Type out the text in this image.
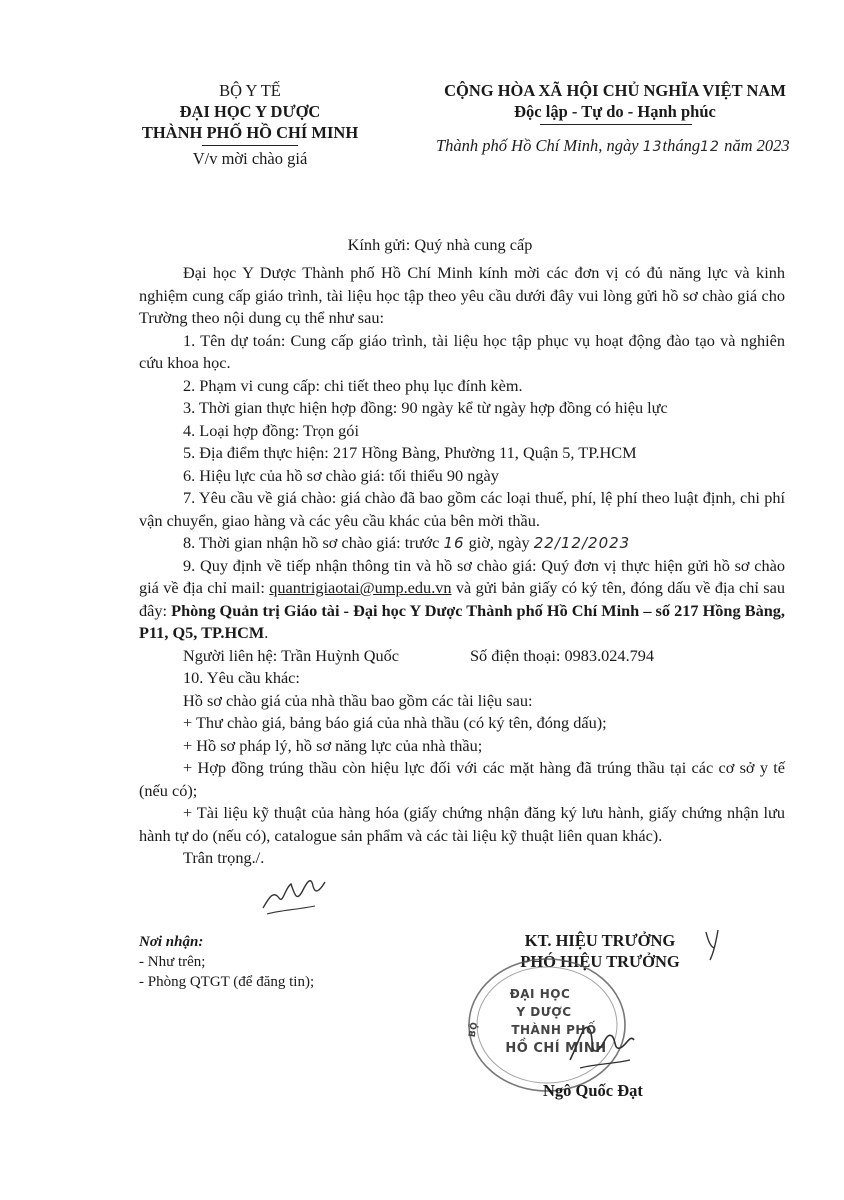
BỘ Y TẾ
ĐẠI HỌC Y DƯỢC
THÀNH PHỐ HỒ CHÍ MINH
V/v mời chào giá
CỘNG HÒA XÃ HỘI CHỦ NGHĨA VIỆT NAM
Độc lập - Tự do - Hạnh phúc
Thành phố Hồ Chí Minh, ngày 13tháng12 năm 2023
Kính gửi: Quý nhà cung cấp
Đại học Y Dược Thành phố Hồ Chí Minh kính mời các đơn vị có đủ năng lực và kinh nghiệm cung cấp giáo trình, tài liệu học tập theo yêu cầu dưới đây vui lòng gửi hồ sơ chào giá cho Trường theo nội dung cụ thể như sau:
1. Tên dự toán: Cung cấp giáo trình, tài liệu học tập phục vụ hoạt động đào tạo và nghiên cứu khoa học.
2. Phạm vi cung cấp: chi tiết theo phụ lục đính kèm.
3. Thời gian thực hiện hợp đồng: 90 ngày kể từ ngày hợp đồng có hiệu lực
4. Loại hợp đồng: Trọn gói
5. Địa điểm thực hiện: 217 Hồng Bàng, Phường 11, Quận 5, TP.HCM
6. Hiệu lực của hồ sơ chào giá: tối thiểu 90 ngày
7. Yêu cầu về giá chào: giá chào đã bao gồm các loại thuế, phí, lệ phí theo luật định, chi phí vận chuyển, giao hàng và các yêu cầu khác của bên mời thầu.
8. Thời gian nhận hồ sơ chào giá: trước 16 giờ, ngày 22/12/2023
9. Quy định về tiếp nhận thông tin và hồ sơ chào giá: Quý đơn vị thực hiện gửi hồ sơ chào giá về địa chỉ mail: quantrigiaotai@ump.edu.vn và gửi bản giấy có ký tên, đóng dấu về địa chỉ sau đây: Phòng Quản trị Giáo tài - Đại học Y Dược Thành phố Hồ Chí Minh – số 217 Hồng Bàng, P11, Q5, TP.HCM.
Người liên hệ: Trần Huỳnh Quốc	Số điện thoại: 0983.024.794
10. Yêu cầu khác:
Hồ sơ chào giá của nhà thầu bao gồm các tài liệu sau:
+ Thư chào giá, bảng báo giá của nhà thầu (có ký tên, đóng dấu);
+ Hồ sơ pháp lý, hồ sơ năng lực của nhà thầu;
+ Hợp đồng trúng thầu còn hiệu lực đối với các mặt hàng đã trúng thầu tại các cơ sở y tế (nếu có);
+ Tài liệu kỹ thuật của hàng hóa (giấy chứng nhận đăng ký lưu hành, giấy chứng nhận lưu hành tự do (nếu có), catalogue sản phẩm và các tài liệu kỹ thuật liên quan khác).
Trân trọng./.
Nơi nhận:
- Như trên;
- Phòng QTGT (để đăng tin);
KT. HIỆU TRƯỞNG
PHÓ HIỆU TRƯỞNG
ĐẠI HỌC
Y DƯỢC
THÀNH PHỐ
HỒ CHÍ MINH
BỘ
Ngô Quốc Đạt
